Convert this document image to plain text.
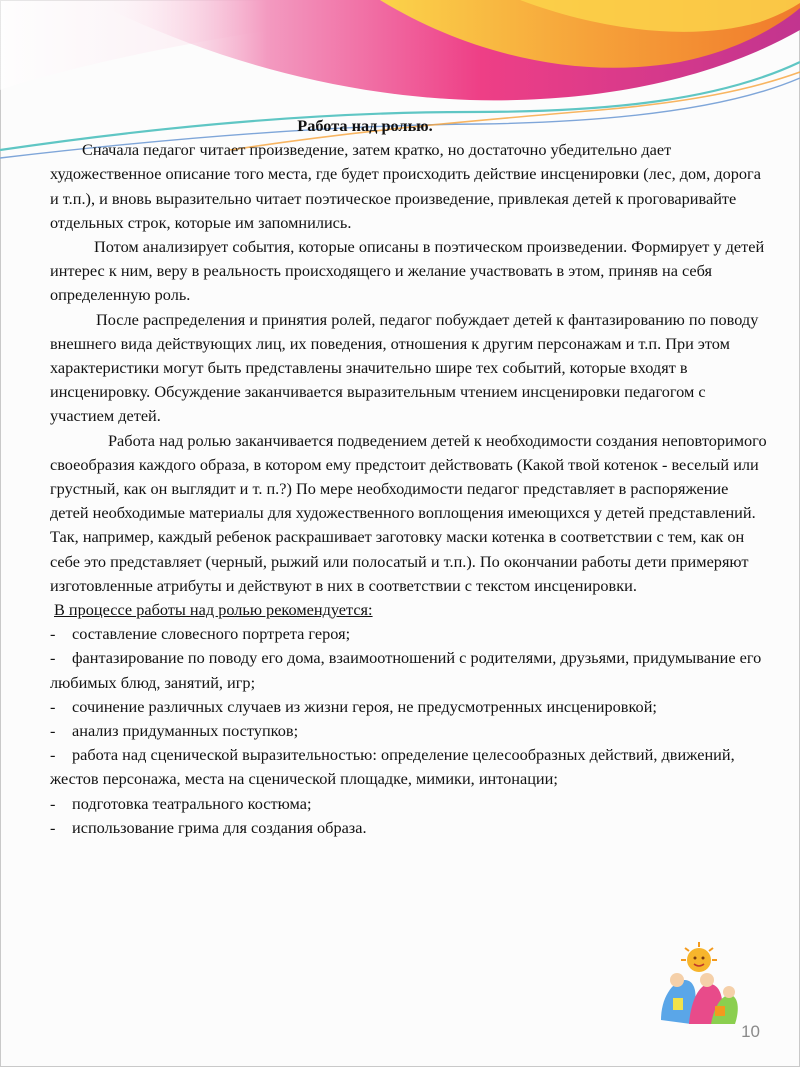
Работа над ролью.

Сначала педагог читает произведение, затем кратко, но достаточно убедительно дает художественное описание того места, где будет происходить действие инсценировки (лес, дом, дорога и т.п.), и вновь выразительно читает поэтическое произведение, привлекая детей к проговаривайте отдельных строк, которые им запомнились.

Потом анализирует события, которые описаны в поэтическом произведении. Формирует у детей интерес к ним, веру в реальность происходящего и желание участвовать в этом, приняв на себя определенную роль.

После распределения и принятия ролей, педагог побуждает детей к фантазированию по поводу внешнего вида действующих лиц, их поведения, отношения к другим персонажам и т.п. При этом характеристики могут быть представлены значительно шире тех событий, которые входят в инсценировку. Обсуждение заканчивается выразительным чтением инсценировки педагогом с участием детей.

Работа над ролью заканчивается подведением детей к необходимости создания неповторимого своеобразия каждого образа, в котором ему предстоит действовать (Какой твой котенок - веселый или грустный, как он выглядит и т. п.?) По мере необходимости педагог представляет в распоряжение детей необходимые материалы для художественного воплощения имеющихся у детей представлений. Так, например, каждый ребенок раскрашивает заготовку маски котенка в соответствии с тем, как он себе это представляет (черный, рыжий или полосатый и т.п.). По окончании работы дети примеряют изготовленные атрибуты и действуют в них в соответствии с текстом инсценировки.

В процессе работы над ролью рекомендуется:

- составление словесного портрета героя;

- фантазирование по поводу его дома, взаимоотношений с родителями, друзьями, придумывание его любимых блюд, занятий, игр;

- сочинение различных случаев из жизни героя, не предусмотренных инсценировкой;

- анализ придуманных поступков;

- работа над сценической выразительностью: определение целесообразных действий, движений, жестов персонажа, места на сценической площадке, мимики, интонации;

- подготовка театрального костюма;

- использование грима для создания образа.

10
